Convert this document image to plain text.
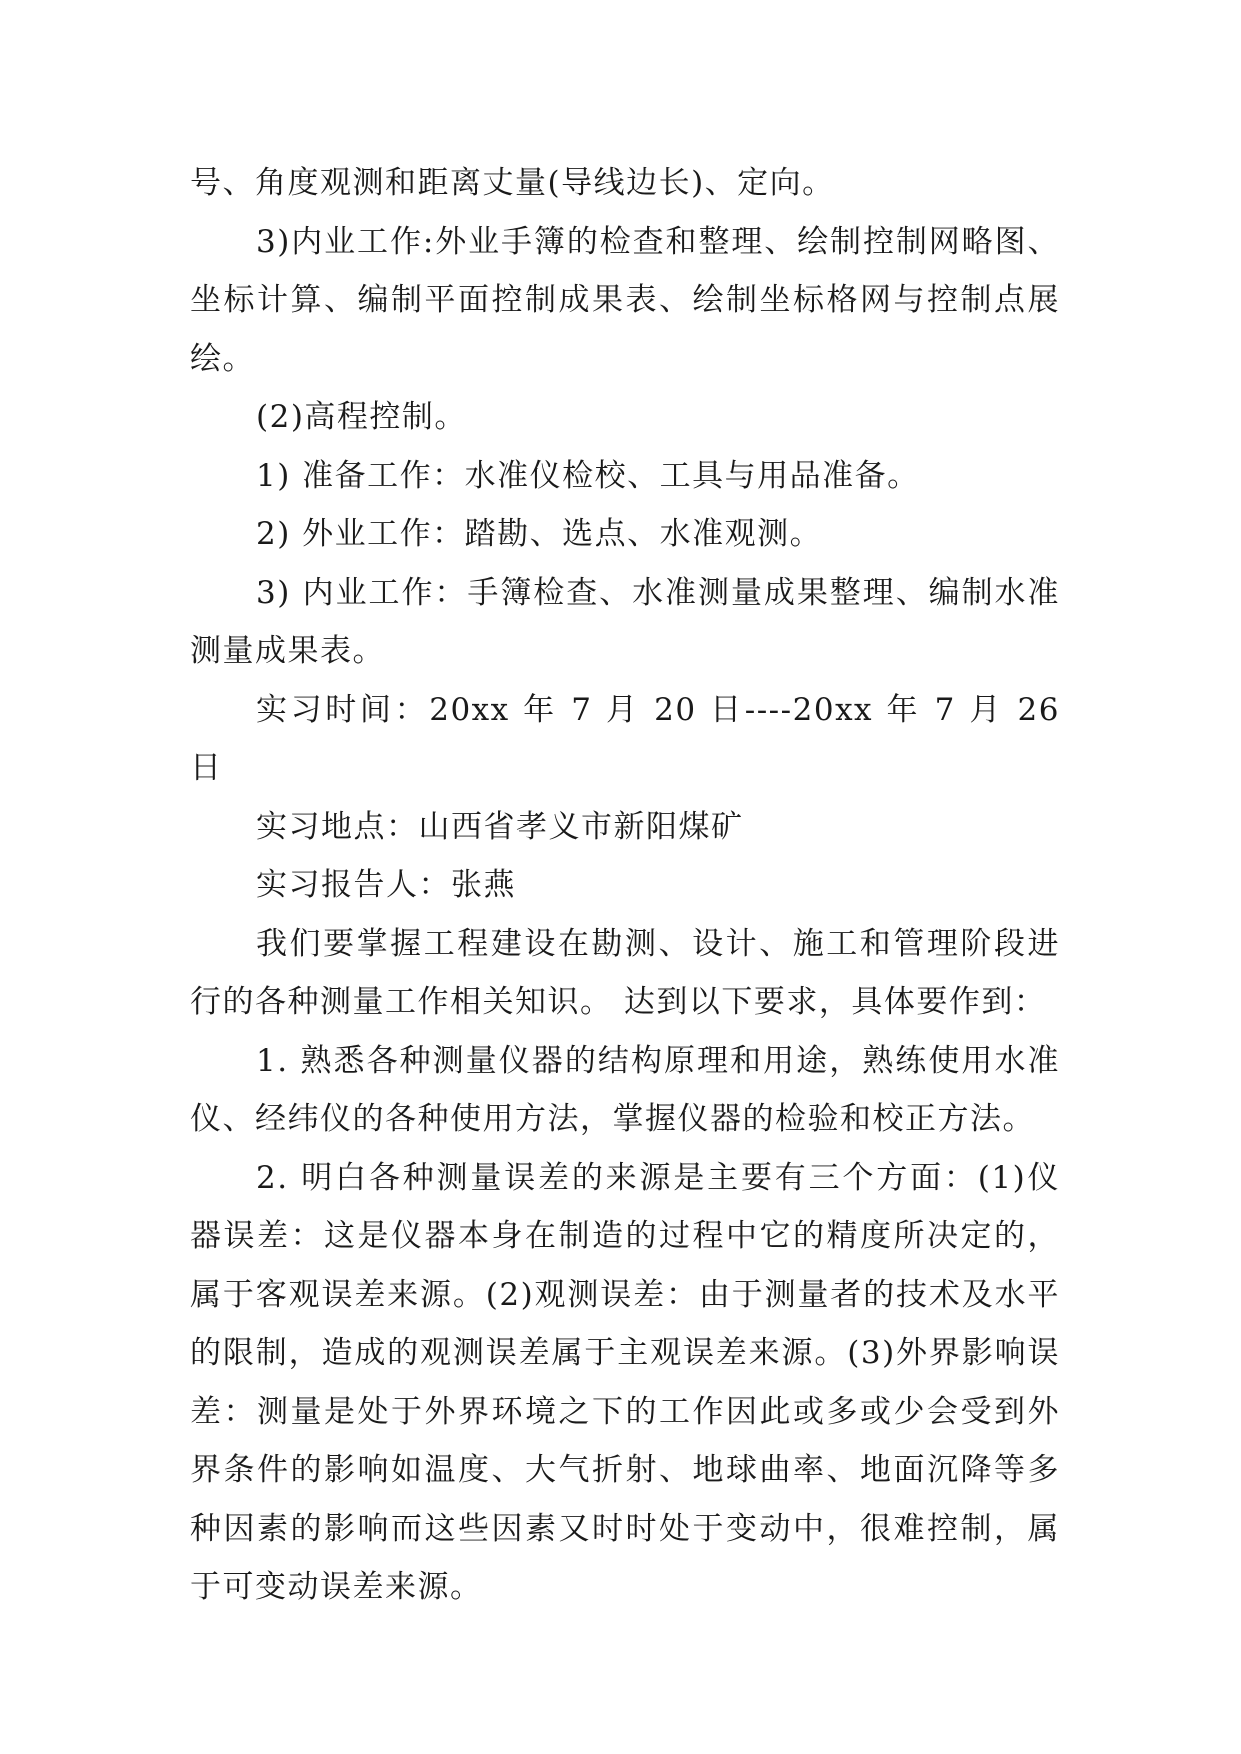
号、角度观测和距离丈量(导线边长)、定向。

3)内业工作:外业手簿的检查和整理、绘制控制网略图、坐标计算、编制平面控制成果表、绘制坐标格网与控制点展绘。

(2)高程控制。

1) 准备工作：水准仪检校、工具与用品准备。

2) 外业工作：踏勘、选点、水准观测。

3) 内业工作：手簿检查、水准测量成果整理、编制水准测量成果表。

实习时间：20xx 年 7 月 20 日----20xx 年 7 月 26 日

实习地点：山西省孝义市新阳煤矿

实习报告人：张燕

我们要掌握工程建设在勘测、设计、施工和管理阶段进行的各种测量工作相关知识。 达到以下要求，具体要作到：

1. 熟悉各种测量仪器的结构原理和用途，熟练使用水准仪、经纬仪的各种使用方法，掌握仪器的检验和校正方法。

2. 明白各种测量误差的来源是主要有三个方面：(1)仪器误差：这是仪器本身在制造的过程中它的精度所决定的，属于客观误差来源。(2)观测误差：由于测量者的技术及水平的限制，造成的观测误差属于主观误差来源。(3)外界影响误差：测量是处于外界环境之下的工作因此或多或少会受到外界条件的影响如温度、大气折射、地球曲率、地面沉降等多种因素的影响而这些因素又时时处于变动中，很难控制，属于可变动误差来源。
